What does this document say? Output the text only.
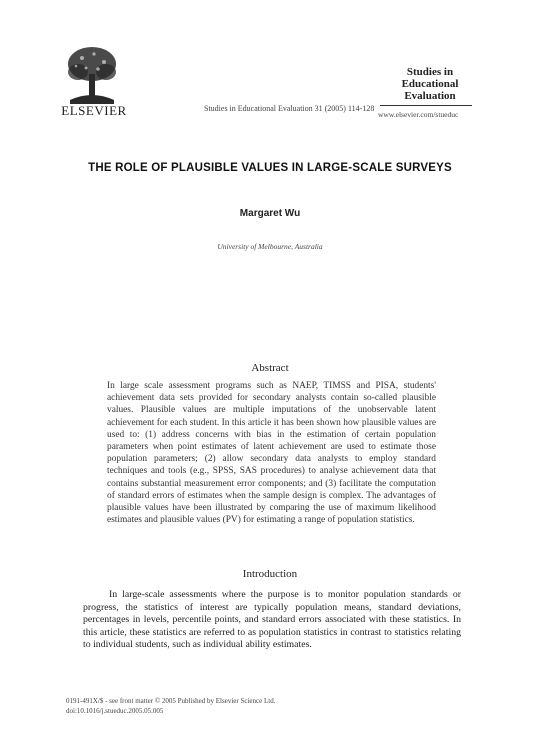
ELSEVIER	Studies in Educational Evaluation 31 (2005) 114-128
Studies in Educational Evaluation
www.elsevier.com/stueduc
THE ROLE OF PLAUSIBLE VALUES IN LARGE-SCALE SURVEYS
Margaret Wu
University of Melbourne, Australia
Abstract
In large scale assessment programs such as NAEP, TIMSS and PISA, students' achievement data sets provided for secondary analysts contain so-called plausible values. Plausible values are multiple imputations of the unobservable latent achievement for each student. In this article it has been shown how plausible values are used to: (1) address concerns with bias in the estimation of certain population parameters when point estimates of latent achievement are used to estimate those population parameters; (2) allow secondary data analysts to employ standard techniques and tools (e.g., SPSS, SAS procedures) to analyse achievement data that contains substantial measurement error components; and (3) facilitate the computation of standard errors of estimates when the sample design is complex. The advantages of plausible values have been illustrated by comparing the use of maximum likelihood estimates and plausible values (PV) for estimating a range of population statistics.
Introduction
In large-scale assessments where the purpose is to monitor population standards or progress, the statistics of interest are typically population means, standard deviations, percentages in levels, percentile points, and standard errors associated with these statistics. In this article, these statistics are referred to as population statistics in contrast to statistics relating to individual students, such as individual ability estimates.
0191-491X/$ - see front matter © 2005 Published by Elsevier Science Ltd.
doi:10.1016/j.stueduc.2005.05.005
